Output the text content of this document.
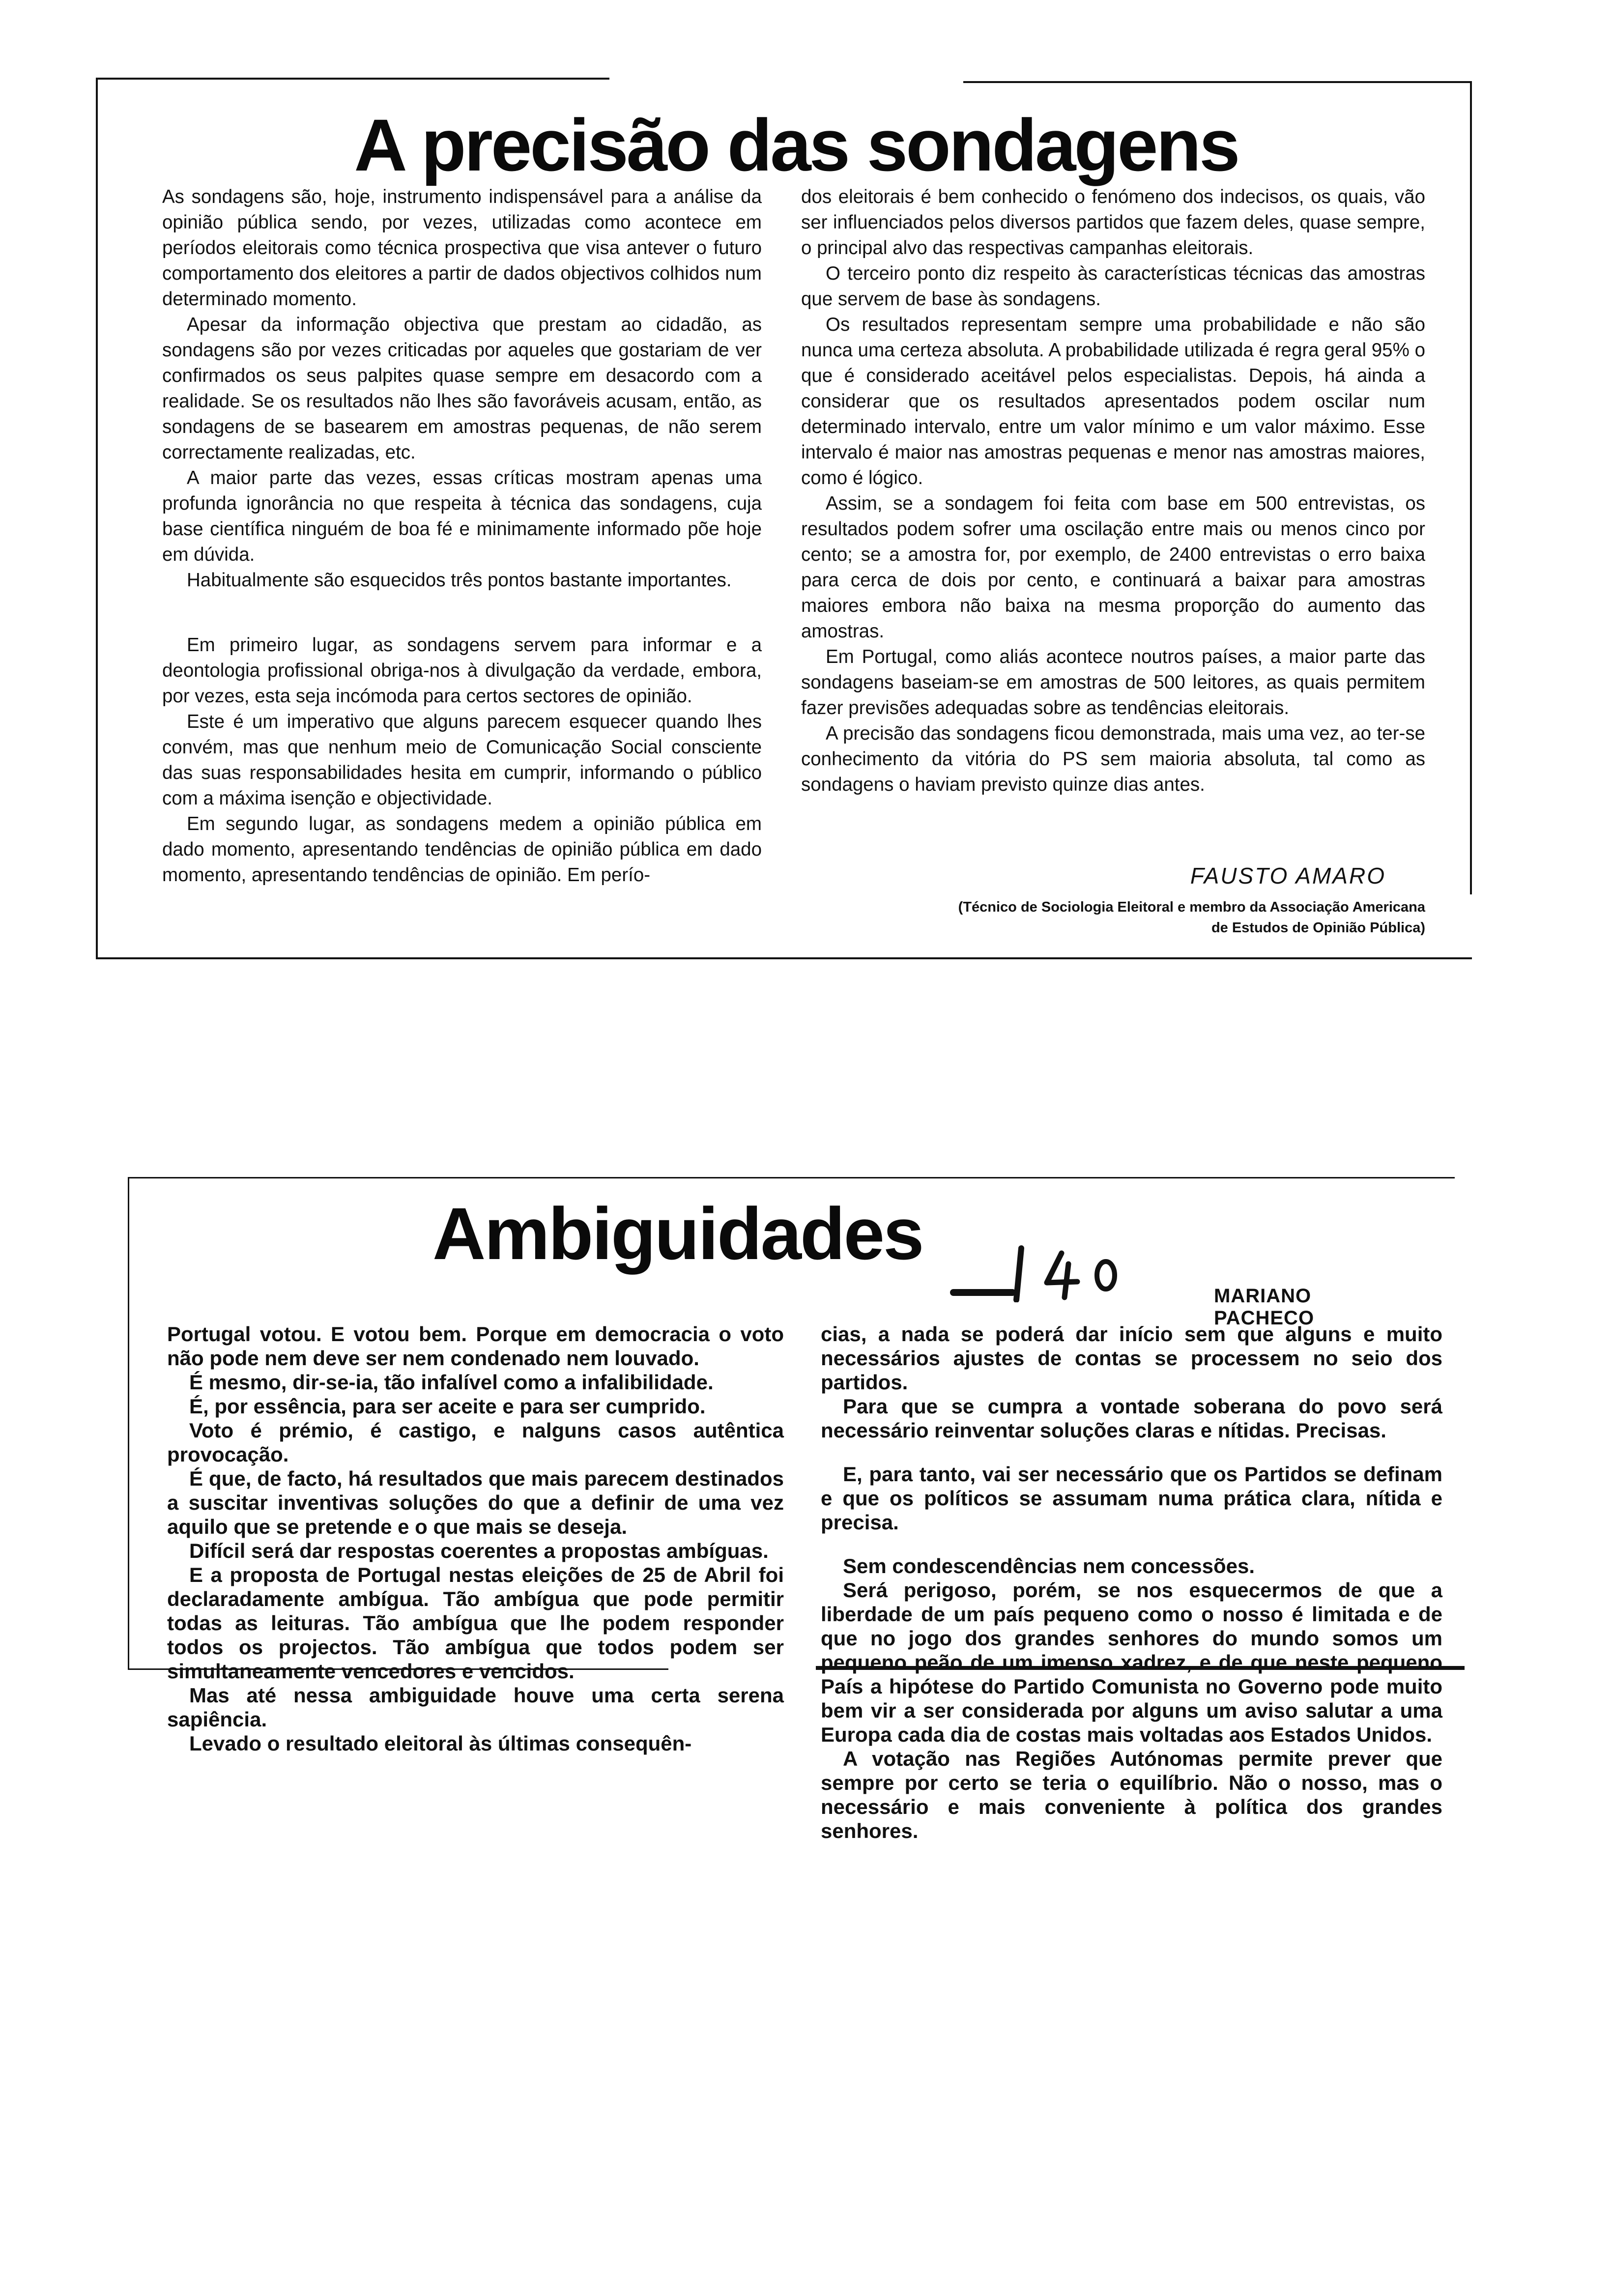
A precisão das sondagens

As sondagens são, hoje, instrumento indispensável para a análise da opinião pública sendo, por vezes, utilizadas como acontece em períodos eleitorais como técnica prospectiva que visa antever o futuro comportamento dos eleitores a partir de dados objectivos colhidos num determinado momento.

Apesar da informação objectiva que prestam ao cidadão, as sondagens são por vezes criticadas por aqueles que gostariam de ver confirmados os seus palpites quase sempre em desacordo com a realidade. Se os resultados não lhes são favoráveis acusam, então, as sondagens de se basearem em amostras pequenas, de não serem correctamente realizadas, etc.

A maior parte das vezes, essas críticas mostram apenas uma profunda ignorância no que respeita à técnica das sondagens, cuja base científica ninguém de boa fé e minimamente informado põe hoje em dúvida.

Habitualmente são esquecidos três pontos bastante importantes.

Em primeiro lugar, as sondagens servem para informar e a deontologia profissional obriga-nos à divulgação da verdade, embora, por vezes, esta seja incómoda para certos sectores de opinião.

Este é um imperativo que alguns parecem esquecer quando lhes convém, mas que nenhum meio de Comunicação Social consciente das suas responsabilidades hesita em cumprir, informando o público com a máxima isenção e objectividade.

Em segundo lugar, as sondagens medem a opinião pública em dado momento, apresentando tendências de opinião pública em dado momento, apresentando tendências de opinião. Em perío-

dos eleitorais é bem conhecido o fenómeno dos indecisos, os quais, vão ser influenciados pelos diversos partidos que fazem deles, quase sempre, o principal alvo das respectivas campanhas eleitorais.

O terceiro ponto diz respeito às características técnicas das amostras que servem de base às sondagens.

Os resultados representam sempre uma probabilidade e não são nunca uma certeza absoluta. A probabilidade utilizada é regra geral 95% o que é considerado aceitável pelos especialistas. Depois, há ainda a considerar que os resultados apresentados podem oscilar num determinado intervalo, entre um valor mínimo e um valor máximo. Esse intervalo é maior nas amostras pequenas e menor nas amostras maiores, como é lógico.

Assim, se a sondagem foi feita com base em 500 entrevistas, os resultados podem sofrer uma oscilação entre mais ou menos cinco por cento; se a amostra for, por exemplo, de 2400 entrevistas o erro baixa para cerca de dois por cento, e continuará a baixar para amostras maiores embora não baixa na mesma proporção do aumento das amostras.

Em Portugal, como aliás acontece noutros países, a maior parte das sondagens baseiam-se em amostras de 500 leitores, as quais permitem fazer previsões adequadas sobre as tendências eleitorais.

A precisão das sondagens ficou demonstrada, mais uma vez, ao ter-se conhecimento da vitória do PS sem maioria absoluta, tal como as sondagens o haviam previsto quinze dias antes.

FAUSTO AMARO
(Técnico de Sociologia Eleitoral e membro da Associação Americana
de Estudos de Opinião Pública)
Ambiguidades
MARIANO PACHECO

Portugal votou. E votou bem. Porque em democracia o voto não pode nem deve ser nem condenado nem louvado.

É mesmo, dir-se-ia, tão infalível como a infalibilidade.

É, por essência, para ser aceite e para ser cumprido.

Voto é prémio, é castigo, e nalguns casos autêntica provocação.

É que, de facto, há resultados que mais parecem destinados a suscitar inventivas soluções do que a definir de uma vez aquilo que se pretende e o que mais se deseja.

Difícil será dar respostas coerentes a propostas ambíguas.

E a proposta de Portugal nestas eleições de 25 de Abril foi declaradamente ambígua. Tão ambígua que pode permitir todas as leituras. Tão ambígua que lhe podem responder todos os projectos. Tão ambígua que todos podem ser simultaneamente vencedores e vencidos.

Mas até nessa ambiguidade houve uma certa serena sapiência.

Levado o resultado eleitoral às últimas consequên-

cias, a nada se poderá dar início sem que alguns e muito necessários ajustes de contas se processem no seio dos partidos.

Para que se cumpra a vontade soberana do povo será necessário reinventar soluções claras e nítidas. Precisas.

E, para tanto, vai ser necessário que os Partidos se definam e que os políticos se assumam numa prática clara, nítida e precisa.

Sem condescendências nem concessões.

Será perigoso, porém, se nos esquecermos de que a liberdade de um país pequeno como o nosso é limitada e de que no jogo dos grandes senhores do mundo somos um pequeno peão de um imenso xadrez, e de que neste pequeno País a hipótese do Partido Comunista no Governo pode muito bem vir a ser considerada por alguns um aviso salutar a uma Europa cada dia de costas mais voltadas aos Estados Unidos.

A votação nas Regiões Autónomas permite prever que sempre por certo se teria o equilíbrio. Não o nosso, mas o necessário e mais conveniente à política dos grandes senhores.
